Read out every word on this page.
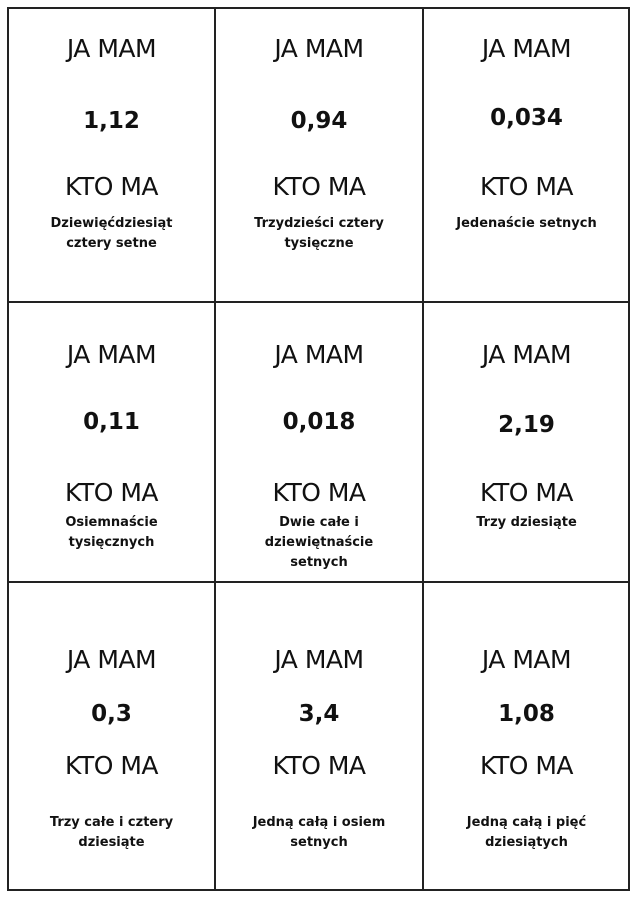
JA MAM
1,12
KTO MA
Dziewięćdziesiąt cztery setne
JA MAM
0,94
KTO MA
Trzydzieści cztery tysięczne
JA MAM
0,034
KTO MA
Jedenaście setnych
JA MAM
0,11
KTO MA
Osiemnaście tysięcznych
JA MAM
0,018
KTO MA
Dwie całe i dziewiętnaście setnych
JA MAM
2,19
KTO MA
Trzy dziesiąte
JA MAM
0,3
KTO MA
Trzy całe i cztery dziesiąte
JA MAM
3,4
KTO MA
Jedną całą i osiem setnych
JA MAM
1,08
KTO MA
Jedną całą i pięć dziesiątych
